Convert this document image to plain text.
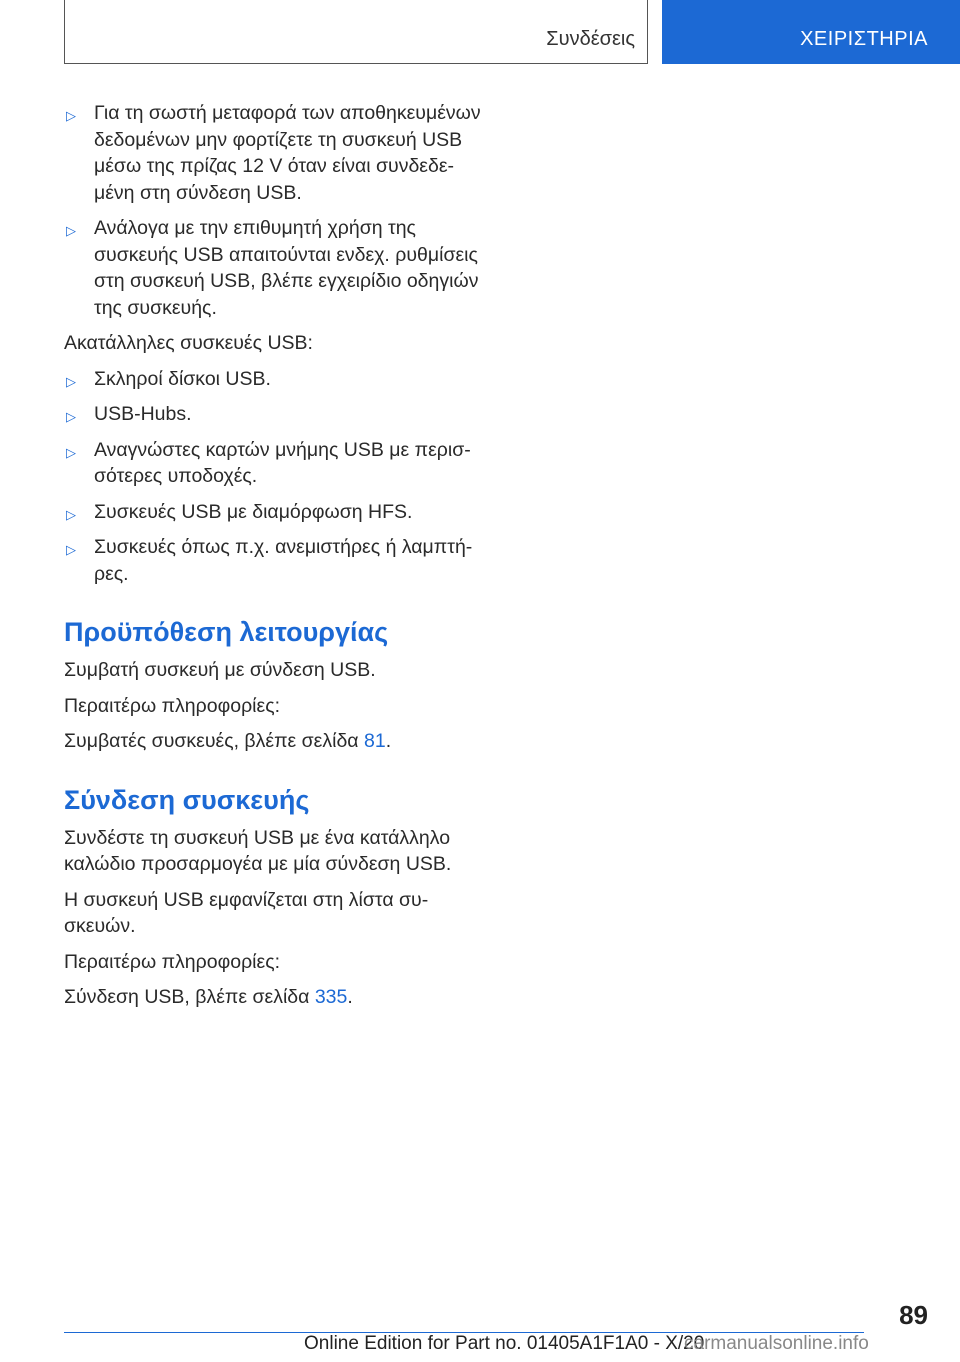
Συνδέσεις	ΧΕΙΡΙΣΤΗΡΙΑ
▷ Για τη σωστή μεταφορά των αποθηκευμένων δεδομένων μην φορτίζετε τη συσκευή USB μέσω της πρίζας 12 V όταν είναι συνδεδε‐ μένη στη σύνδεση USB.
▷ Ανάλογα με την επιθυμητή χρήση της συσκευής USB απαιτούνται ενδεχ. ρυθμίσεις στη συσκευή USB, βλέπε εγχειρίδιο οδηγιών της συσκευής.
Ακατάλληλες συσκευές USB:
▷ Σκληροί δίσκοι USB.
▷ USB-Hubs.
▷ Αναγνώστες καρτών μνήμης USB με περισ‐ σότερες υποδοχές.
▷ Συσκευές USB με διαμόρφωση HFS.
▷ Συσκευές όπως π.χ. ανεμιστήρες ή λαμπτή‐ ρες.
Προϋπόθεση λειτουργίας
Συμβατή συσκευή με σύνδεση USB.
Περαιτέρω πληροφορίες:
Συμβατές συσκευές, βλέπε σελίδα 81.
Σύνδεση συσκευής
Συνδέστε τη συσκευή USB με ένα κατάλληλο καλώδιο προσαρμογέα με μία σύνδεση USB.
Η συσκευή USB εμφανίζεται στη λίστα συ‐ σκευών.
Περαιτέρω πληροφορίες:
Σύνδεση USB, βλέπε σελίδα 335.
89
Online Edition for Part no. 01405A1F1A0 - X/20
carmanualsonline.info
